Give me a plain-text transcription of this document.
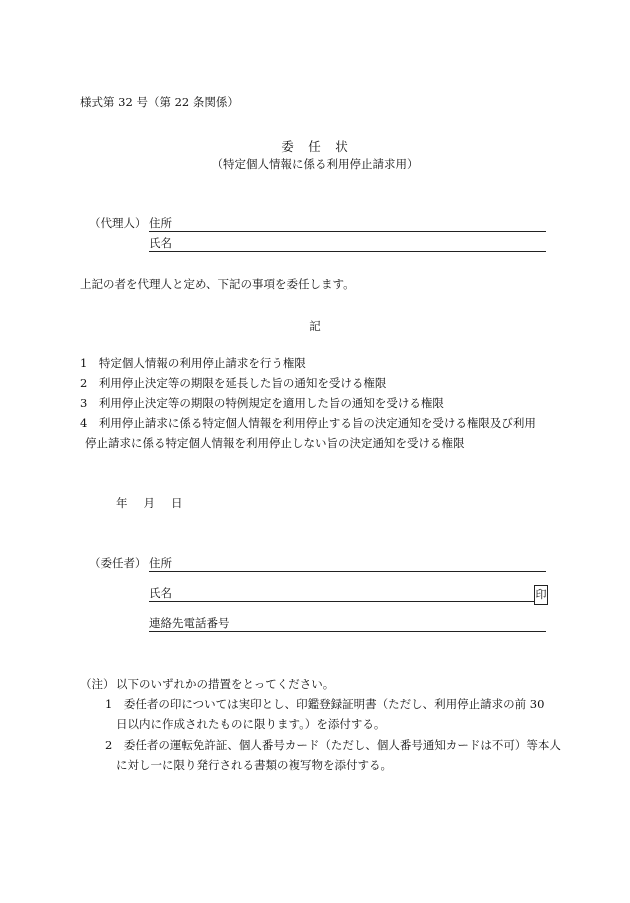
様式第 32 号（第 22 条関係）
委　任　状
（特定個人情報に係る利用停止請求用）
（代理人） 住所
氏名
上記の者を代理人と定め、下記の事項を委任します。
記
1　 特定個人情報の利用停止請求を行う権限
2　 利用停止決定等の期限を延長した旨の通知を受ける権限
3　 利用停止決定等の期限の特例規定を適用した旨の通知を受ける権限
4　 利用停止請求に係る特定個人情報を利用停止する旨の決定通知を受ける権限及び利用
停止請求に係る特定個人情報を利用停止しない旨の決定通知を受ける権限
年 月 日
（委任者） 住所
氏名	印
連絡先電話番号
（注） 以下のいずれかの措置をとってください。
1　 委任者の印については実印とし、印鑑登録証明書（ただし、利用停止請求の前 30
日以内に作成されたものに限ります。）を添付する。
2　 委任者の運転免許証、個人番号カード（ただし、個人番号通知カードは不可）等本人
に対し一に限り発行される書類の複写物を添付する。
